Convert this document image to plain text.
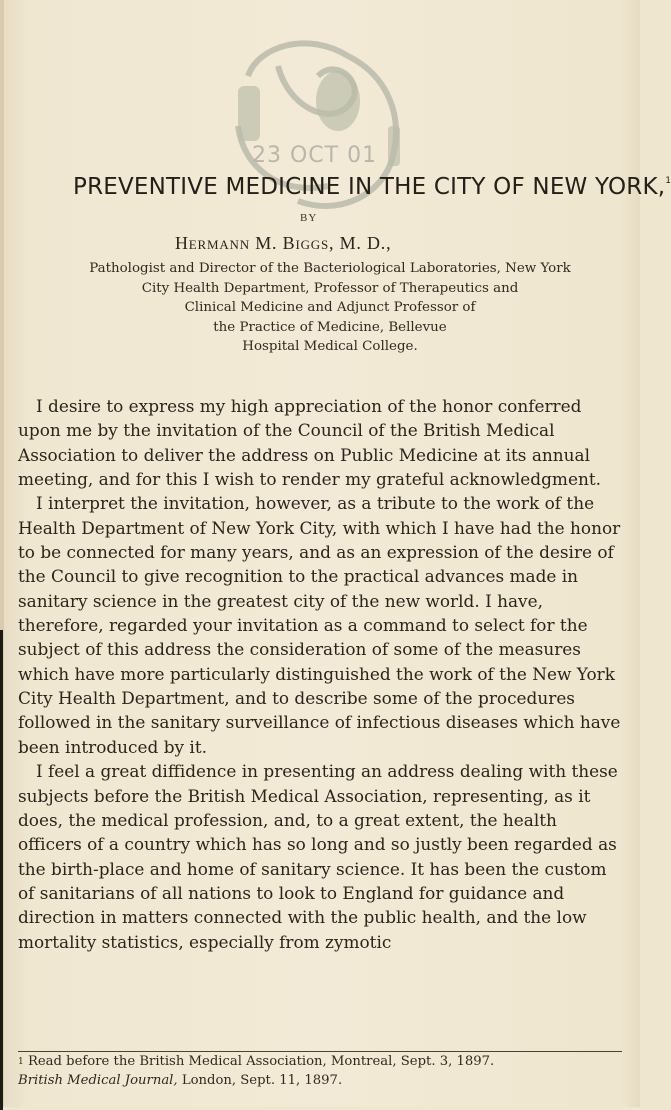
23 OCT 01
PREVENTIVE MEDICINE IN THE CITY OF NEW YORK,$^1$
BY
Hermann M. Biggs, M. D.,
Pathologist and Director of the Bacteriological Laboratories, New York
City Health Department, Professor of Therapeutics and
Clinical Medicine and Adjunct Professor of
the Practice of Medicine, Bellevue
Hospital Medical College.

I desire to express my high appreciation of the honor conferred upon me by the invitation of the Council of the British Medical Association to deliver the address on Public Medicine at its annual meeting, and for this I wish to render my grateful acknowledgment.

I interpret the invitation, however, as a tribute to the work of the Health Department of New York City, with which I have had the honor to be connected for many years, and as an expression of the desire of the Council to give recognition to the practical advances made in sanitary science in the greatest city of the new world. I have, therefore, regarded your invitation as a command to select for the subject of this address the consideration of some of the measures which have more particularly distinguished the work of the New York City Health Department, and to describe some of the procedures followed in the sanitary surveillance of infectious diseases which have been introduced by it.

I feel a great diffidence in presenting an address dealing with these subjects before the British Medical Association, representing, as it does, the medical profession, and, to a great extent, the health officers of a country which has so long and so justly been regarded as the birth-place and home of sanitary science. It has been the custom of sanitarians of all nations to look to England for guidance and direction in matters connected with the public health, and the low mortality statistics, especially from zymotic

$^1$ Read before the British Medical Association, Montreal, Sept. 3, 1897.
British Medical Journal, London, Sept. 11, 1897.
